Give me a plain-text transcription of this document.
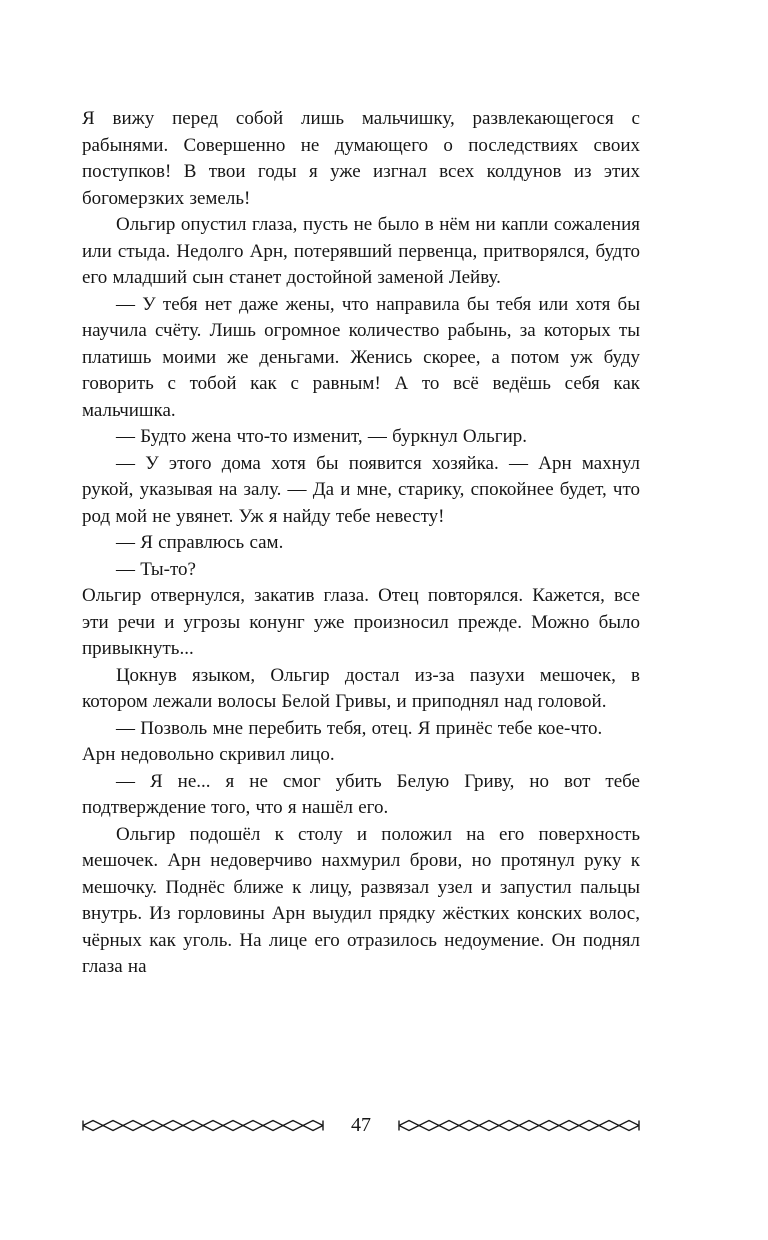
Я вижу перед собой лишь мальчишку, развлекающегося с рабынями. Совершенно не думающего о последствиях своих поступков! В твои годы я уже изгнал всех колдунов из этих богомерзких земель!

Ольгир опустил глаза, пусть не было в нём ни капли сожаления или стыда. Недолго Арн, потерявший первенца, притворялся, будто его младший сын станет достойной заменой Лейву.

— У тебя нет даже жены, что направила бы тебя или хотя бы научила счёту. Лишь огромное количество рабынь, за которых ты платишь моими же деньгами. Женись скорее, а потом уж буду говорить с тобой как с равным! А то всё ведёшь себя как мальчишка.

— Будто жена что-то изменит, — буркнул Ольгир.

— У этого дома хотя бы появится хозяйка. — Арн махнул рукой, указывая на залу. — Да и мне, старику, спокойнее будет, что род мой не увянет. Уж я найду тебе невесту!

— Я справлюсь сам.

— Ты-то?

Ольгир отвернулся, закатив глаза. Отец повторялся. Кажется, все эти речи и угрозы конунг уже произносил прежде. Можно было привыкнуть...

Цокнув языком, Ольгир достал из-за пазухи мешочек, в котором лежали волосы Белой Гривы, и приподнял над головой.

— Позволь мне перебить тебя, отец. Я принёс тебе кое-что.

Арн недовольно скривил лицо.

— Я не... я не смог убить Белую Гриву, но вот тебе подтверждение того, что я нашёл его.

Ольгир подошёл к столу и положил на его поверхность мешочек. Арн недоверчиво нахмурил брови, но протянул руку к мешочку. Поднёс ближе к лицу, развязал узел и запустил пальцы внутрь. Из горловины Арн выудил прядку жёстких конских волос, чёрных как уголь. На лице его отразилось недоумение. Он поднял глаза на

47
